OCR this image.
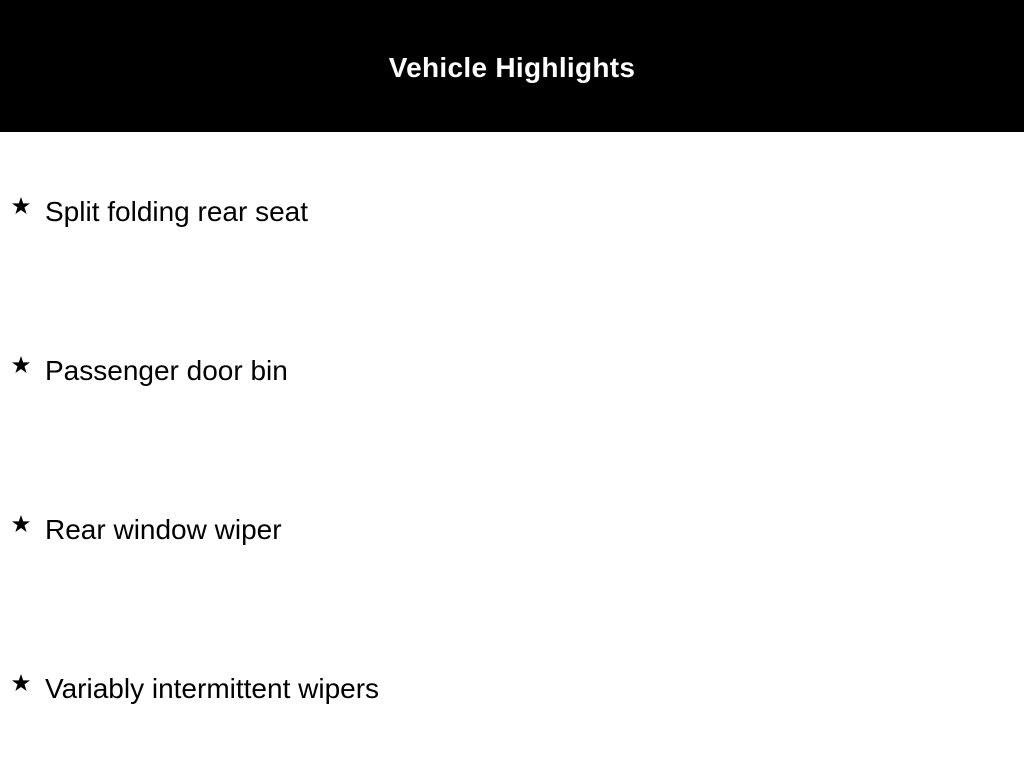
Vehicle Highlights
Split folding rear seat
Passenger door bin
Rear window wiper
Variably intermittent wipers
